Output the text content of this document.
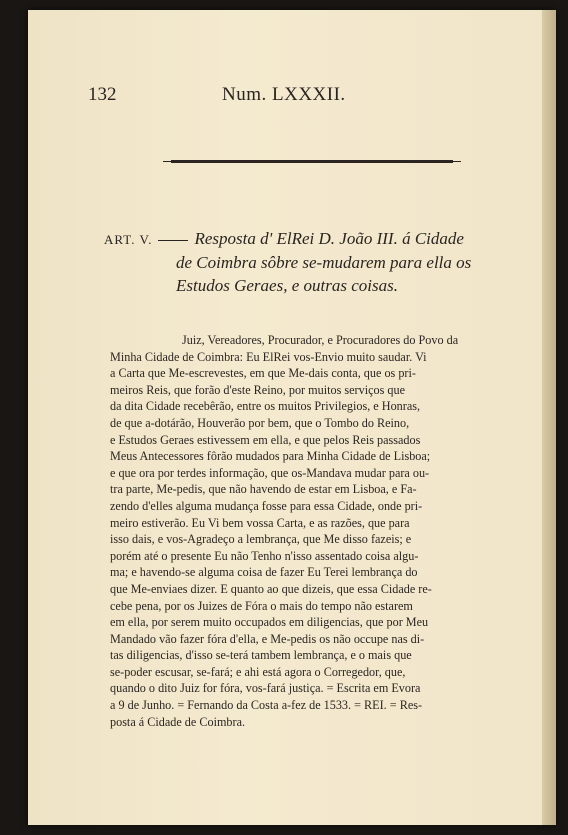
132	Num. LXXXII.
ART. V. Resposta d' ElRei D. João III. á Cidade
de Coimbra sôbre se-mudarem para ella os
Estudos Geraes, e outras coisas.
Juiz, Vereadores, Procurador, e Procuradores do Povo da
Minha Cidade de Coimbra: Eu ElRei vos-Envio muito saudar. Vi
a Carta que Me-escrevestes, em que Me-dais conta, que os pri-
meiros Reis, que forão d'este Reino, por muitos serviços que
da dita Cidade recebêrão, entre os muitos Privilegios, e Honras,
de que a-dotárão, Houverão por bem, que o Tombo do Reino,
e Estudos Geraes estivessem em ella, e que pelos Reis passados
Meus Antecessores fôrão mudados para Minha Cidade de Lisboa;
e que ora por terdes informação, que os-Mandava mudar para ou-
tra parte, Me-pedis, que não havendo de estar em Lisboa, e Fa-
zendo d'elles alguma mudança fosse para essa Cidade, onde pri-
meiro estiverão. Eu Vi bem vossa Carta, e as razões, que para
isso dais, e vos-Agradeço a lembrança, que Me disso fazeis; e
porém até o presente Eu não Tenho n'isso assentado coisa algu-
ma; e havendo-se alguma coisa de fazer Eu Terei lembrança do
que Me-enviaes dizer. E quanto ao que dizeis, que essa Cidade re-
cebe pena, por os Juizes de Fóra o mais do tempo não estarem
em ella, por serem muito occupados em diligencias, que por Meu
Mandado vão fazer fóra d'ella, e Me-pedis os não occupe nas di-
tas diligencias, d'isso se-terá tambem lembrança, e o mais que
se-poder escusar, se-fará; e ahi está agora o Corregedor, que,
quando o dito Juiz for fóra, vos-fará justiça. = Escrita em Evora
a 9 de Junho. = Fernando da Costa a-fez de 1533. = REI. = Res-
posta á Cidade de Coimbra.
